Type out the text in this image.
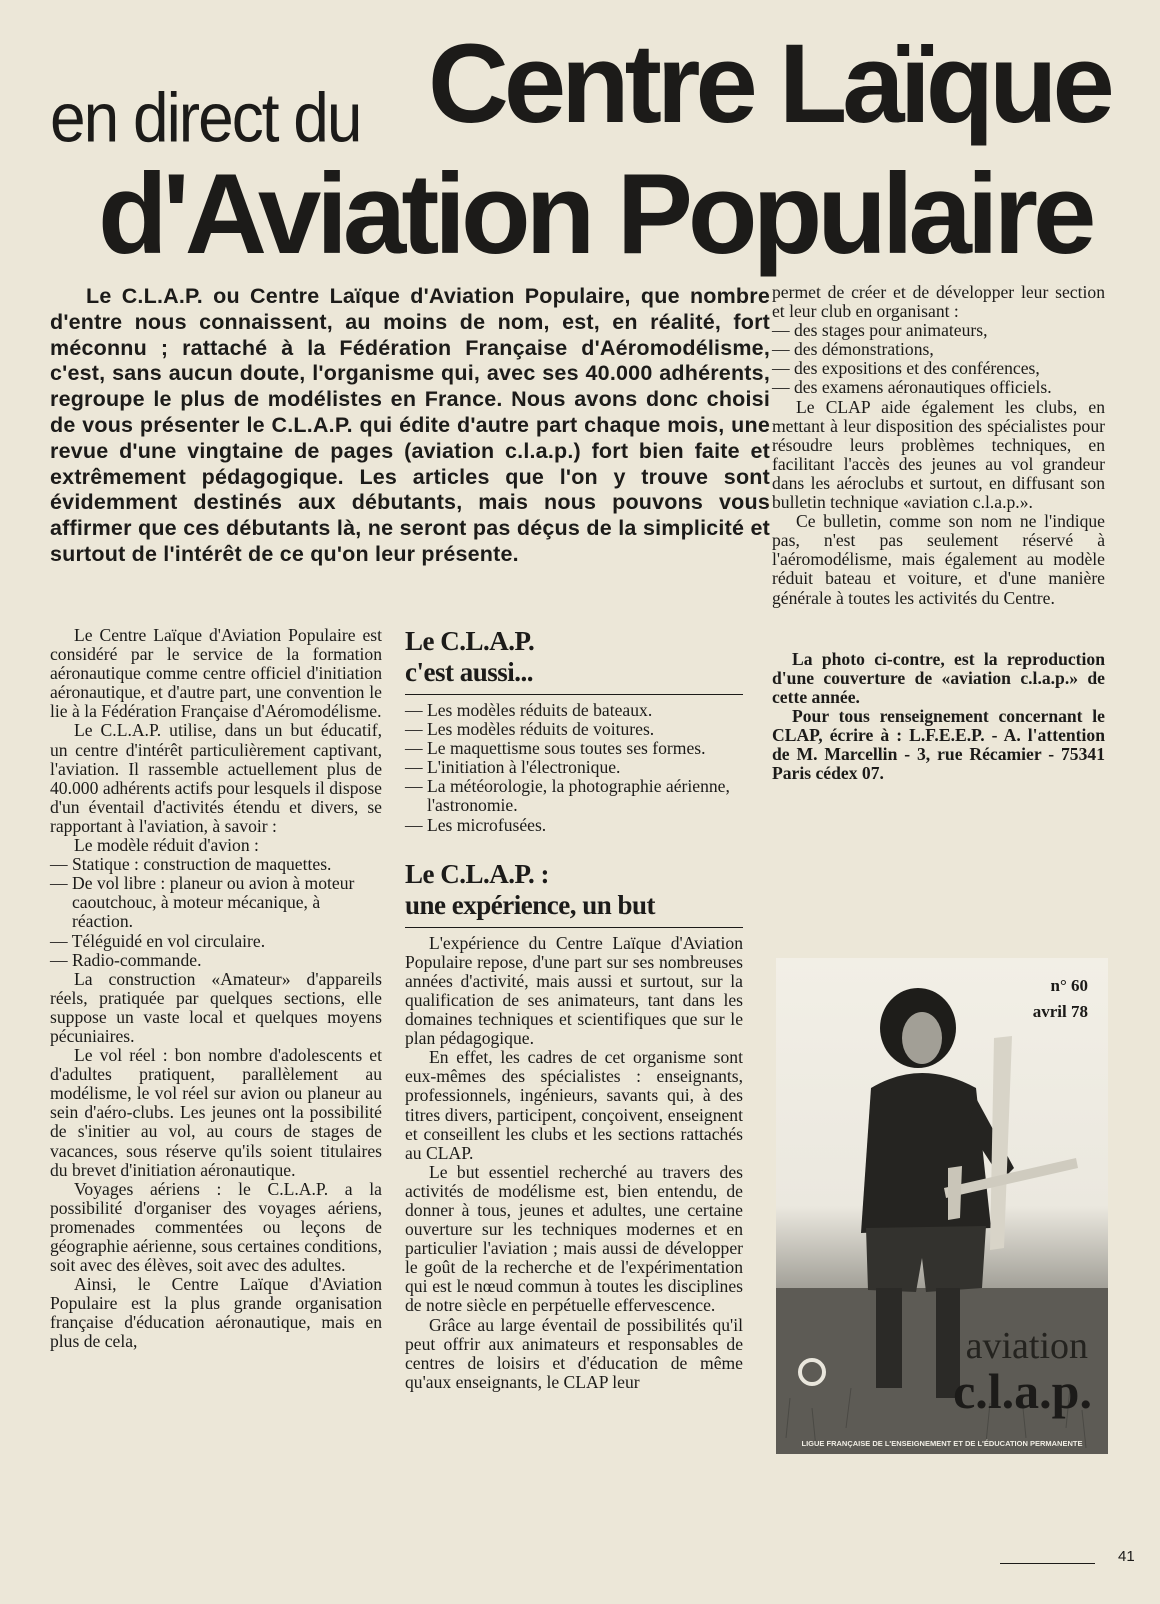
en direct du Centre Laïque
d'Aviation Populaire
Le C.L.A.P. ou Centre Laïque d'Aviation Populaire, que nombre d'entre nous connaissent, au moins de nom, est, en réalité, fort méconnu ; rattaché à la Fédération Française d'Aéromodélisme, c'est, sans aucun doute, l'organisme qui, avec ses 40.000 adhérents, regroupe le plus de modélistes en France. Nous avons donc choisi de vous présenter le C.L.A.P. qui édite d'autre part chaque mois, une revue d'une vingtaine de pages (aviation c.l.a.p.) fort bien faite et extrêmement pédagogique. Les articles que l'on y trouve sont évidemment destinés aux débutants, mais nous pouvons vous affirmer que ces débutants là, ne seront pas déçus de la simplicité et surtout de l'intérêt de ce qu'on leur présente.

Le Centre Laïque d'Aviation Populaire est considéré par le service de la formation aéronautique comme centre officiel d'initiation aéronautique, et d'autre part, une convention le lie à la Fédération Française d'Aéromodélisme.

Le C.L.A.P. utilise, dans un but éducatif, un centre d'intérêt particulièrement captivant, l'aviation. Il rassemble actuellement plus de 40.000 adhérents actifs pour lesquels il dispose d'un éventail d'activités étendu et divers, se rapportant à l'aviation, à savoir :

Le modèle réduit d'avion :

— Statique : construction de maquettes.
— De vol libre : planeur ou avion à moteur caoutchouc, à moteur mécanique, à réaction.
— Téléguidé en vol circulaire.
— Radio-commande.

La construction «Amateur» d'appareils réels, pratiquée par quelques sections, elle suppose un vaste local et quelques moyens pécuniaires.

Le vol réel : bon nombre d'adolescents et d'adultes pratiquent, parallèlement au modélisme, le vol réel sur avion ou planeur au sein d'aéro-clubs. Les jeunes ont la possibilité de s'initier au vol, au cours de stages de vacances, sous réserve qu'ils soient titulaires du brevet d'initiation aéronautique.

Voyages aériens : le C.L.A.P. a la possibilité d'organiser des voyages aériens, promenades commentées ou leçons de géographie aérienne, sous certaines conditions, soit avec des élèves, soit avec des adultes.

Ainsi, le Centre Laïque d'Aviation Populaire est la plus grande organisation française d'éducation aéronautique, mais en plus de cela,

Le C.L.A.P.
c'est aussi...
— Les modèles réduits de bateaux.
— Les modèles réduits de voitures.
— Le maquettisme sous toutes ses formes.
— L'initiation à l'électronique.
— La météorologie, la photographie aérienne, l'astronomie.
— Les microfusées.
Le C.L.A.P. :
une expérience, un but

L'expérience du Centre Laïque d'Aviation Populaire repose, d'une part sur ses nombreuses années d'activité, mais aussi et surtout, sur la qualification de ses animateurs, tant dans les domaines techniques et scientifiques que sur le plan pédagogique.

En effet, les cadres de cet organisme sont eux-mêmes des spécialistes : enseignants, professionnels, ingénieurs, savants qui, à des titres divers, participent, conçoivent, enseignent et conseillent les clubs et les sections rattachés au CLAP.

Le but essentiel recherché au travers des activités de modélisme est, bien entendu, de donner à tous, jeunes et adultes, une certaine ouverture sur les techniques modernes et en particulier l'aviation ; mais aussi de développer le goût de la recherche et de l'expérimentation qui est le nœud commun à toutes les disciplines de notre siècle en perpétuelle effervescence.

Grâce au large éventail de possibilités qu'il peut offrir aux animateurs et responsables de centres de loisirs et d'éducation de même qu'aux enseignants, le CLAP leur

permet de créer et de développer leur section et leur club en organisant :

— des stages pour animateurs,
— des démonstrations,
— des expositions et des conférences,
— des examens aéronautiques officiels.

Le CLAP aide également les clubs, en mettant à leur disposition des spécialistes pour résoudre leurs problèmes techniques, en facilitant l'accès des jeunes au vol grandeur dans les aéroclubs et surtout, en diffusant son bulletin technique «aviation c.l.a.p.».

Ce bulletin, comme son nom ne l'indique pas, n'est pas seulement réservé à l'aéromodélisme, mais également au modèle réduit bateau et voiture, et d'une manière générale à toutes les activités du Centre.

La photo ci-contre, est la reproduction d'une couverture de «aviation c.l.a.p.» de cette année.

Pour tous renseignement concernant le CLAP, écrire à : L.F.E.E.P. - A. l'attention de M. Marcellin - 3, rue Récamier - 75341 Paris cédex 07.

n° 60
avril 78
aviation
c.l.a.p.
LIGUE FRANÇAISE DE L'ENSEIGNEMENT ET DE L'ÉDUCATION PERMANENTE
41
